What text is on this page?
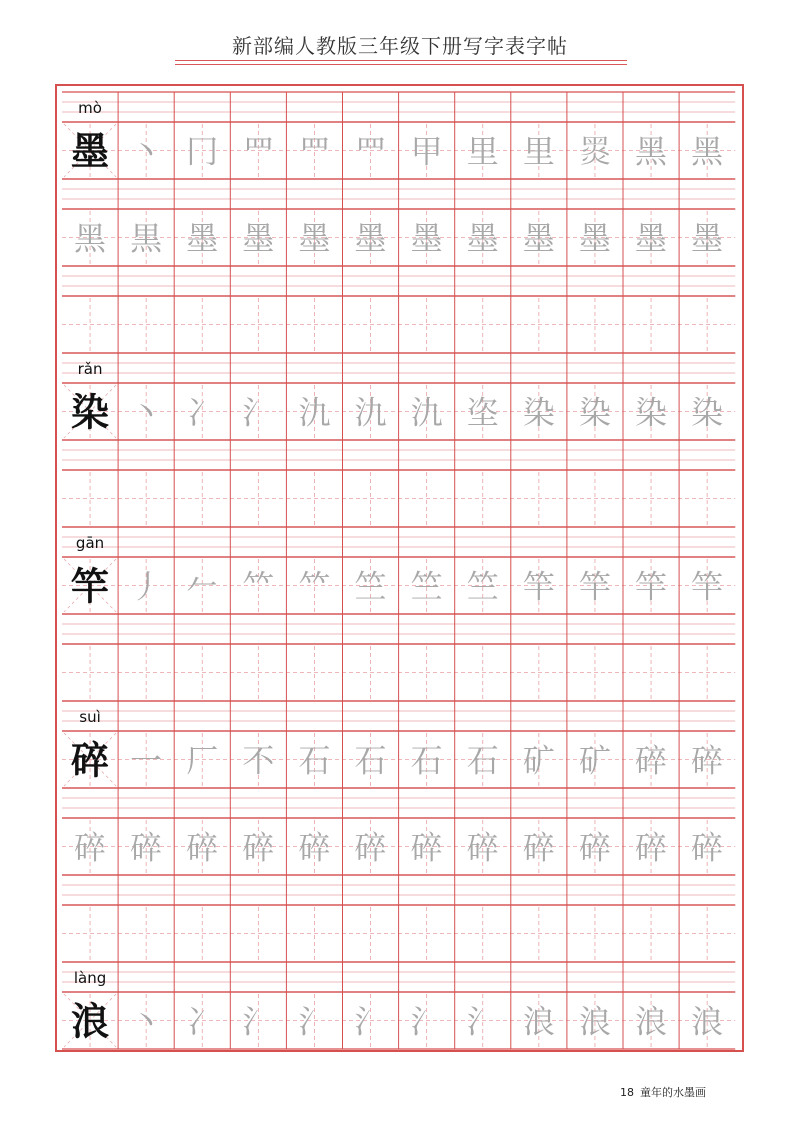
新部编人教版三年级下册写字表字帖
mò
墨 丶 冂 罒 罒 罒 甲 里 里 𪐗 黑 黑
黑 黒 墨 墨 墨 墨 墨 墨 墨 墨 墨 墨
rǎn
染 丶 冫 氵 氿 氿 氿 垐 染 染 染 染
gān
竿 丿 𠂉 𥫗 𥫗 竺 竺 竺 竿 竿 竿 竿
suì
碎 一 厂 不 石 石 石 石 矿 矿 碎 碎
碎 碎 碎 碎 碎 碎 碎 碎 碎 碎 碎 碎
làng
浪 丶 冫 氵 氵 氵 氵 氵 浪 浪 浪 浪
18 童年的水墨画
